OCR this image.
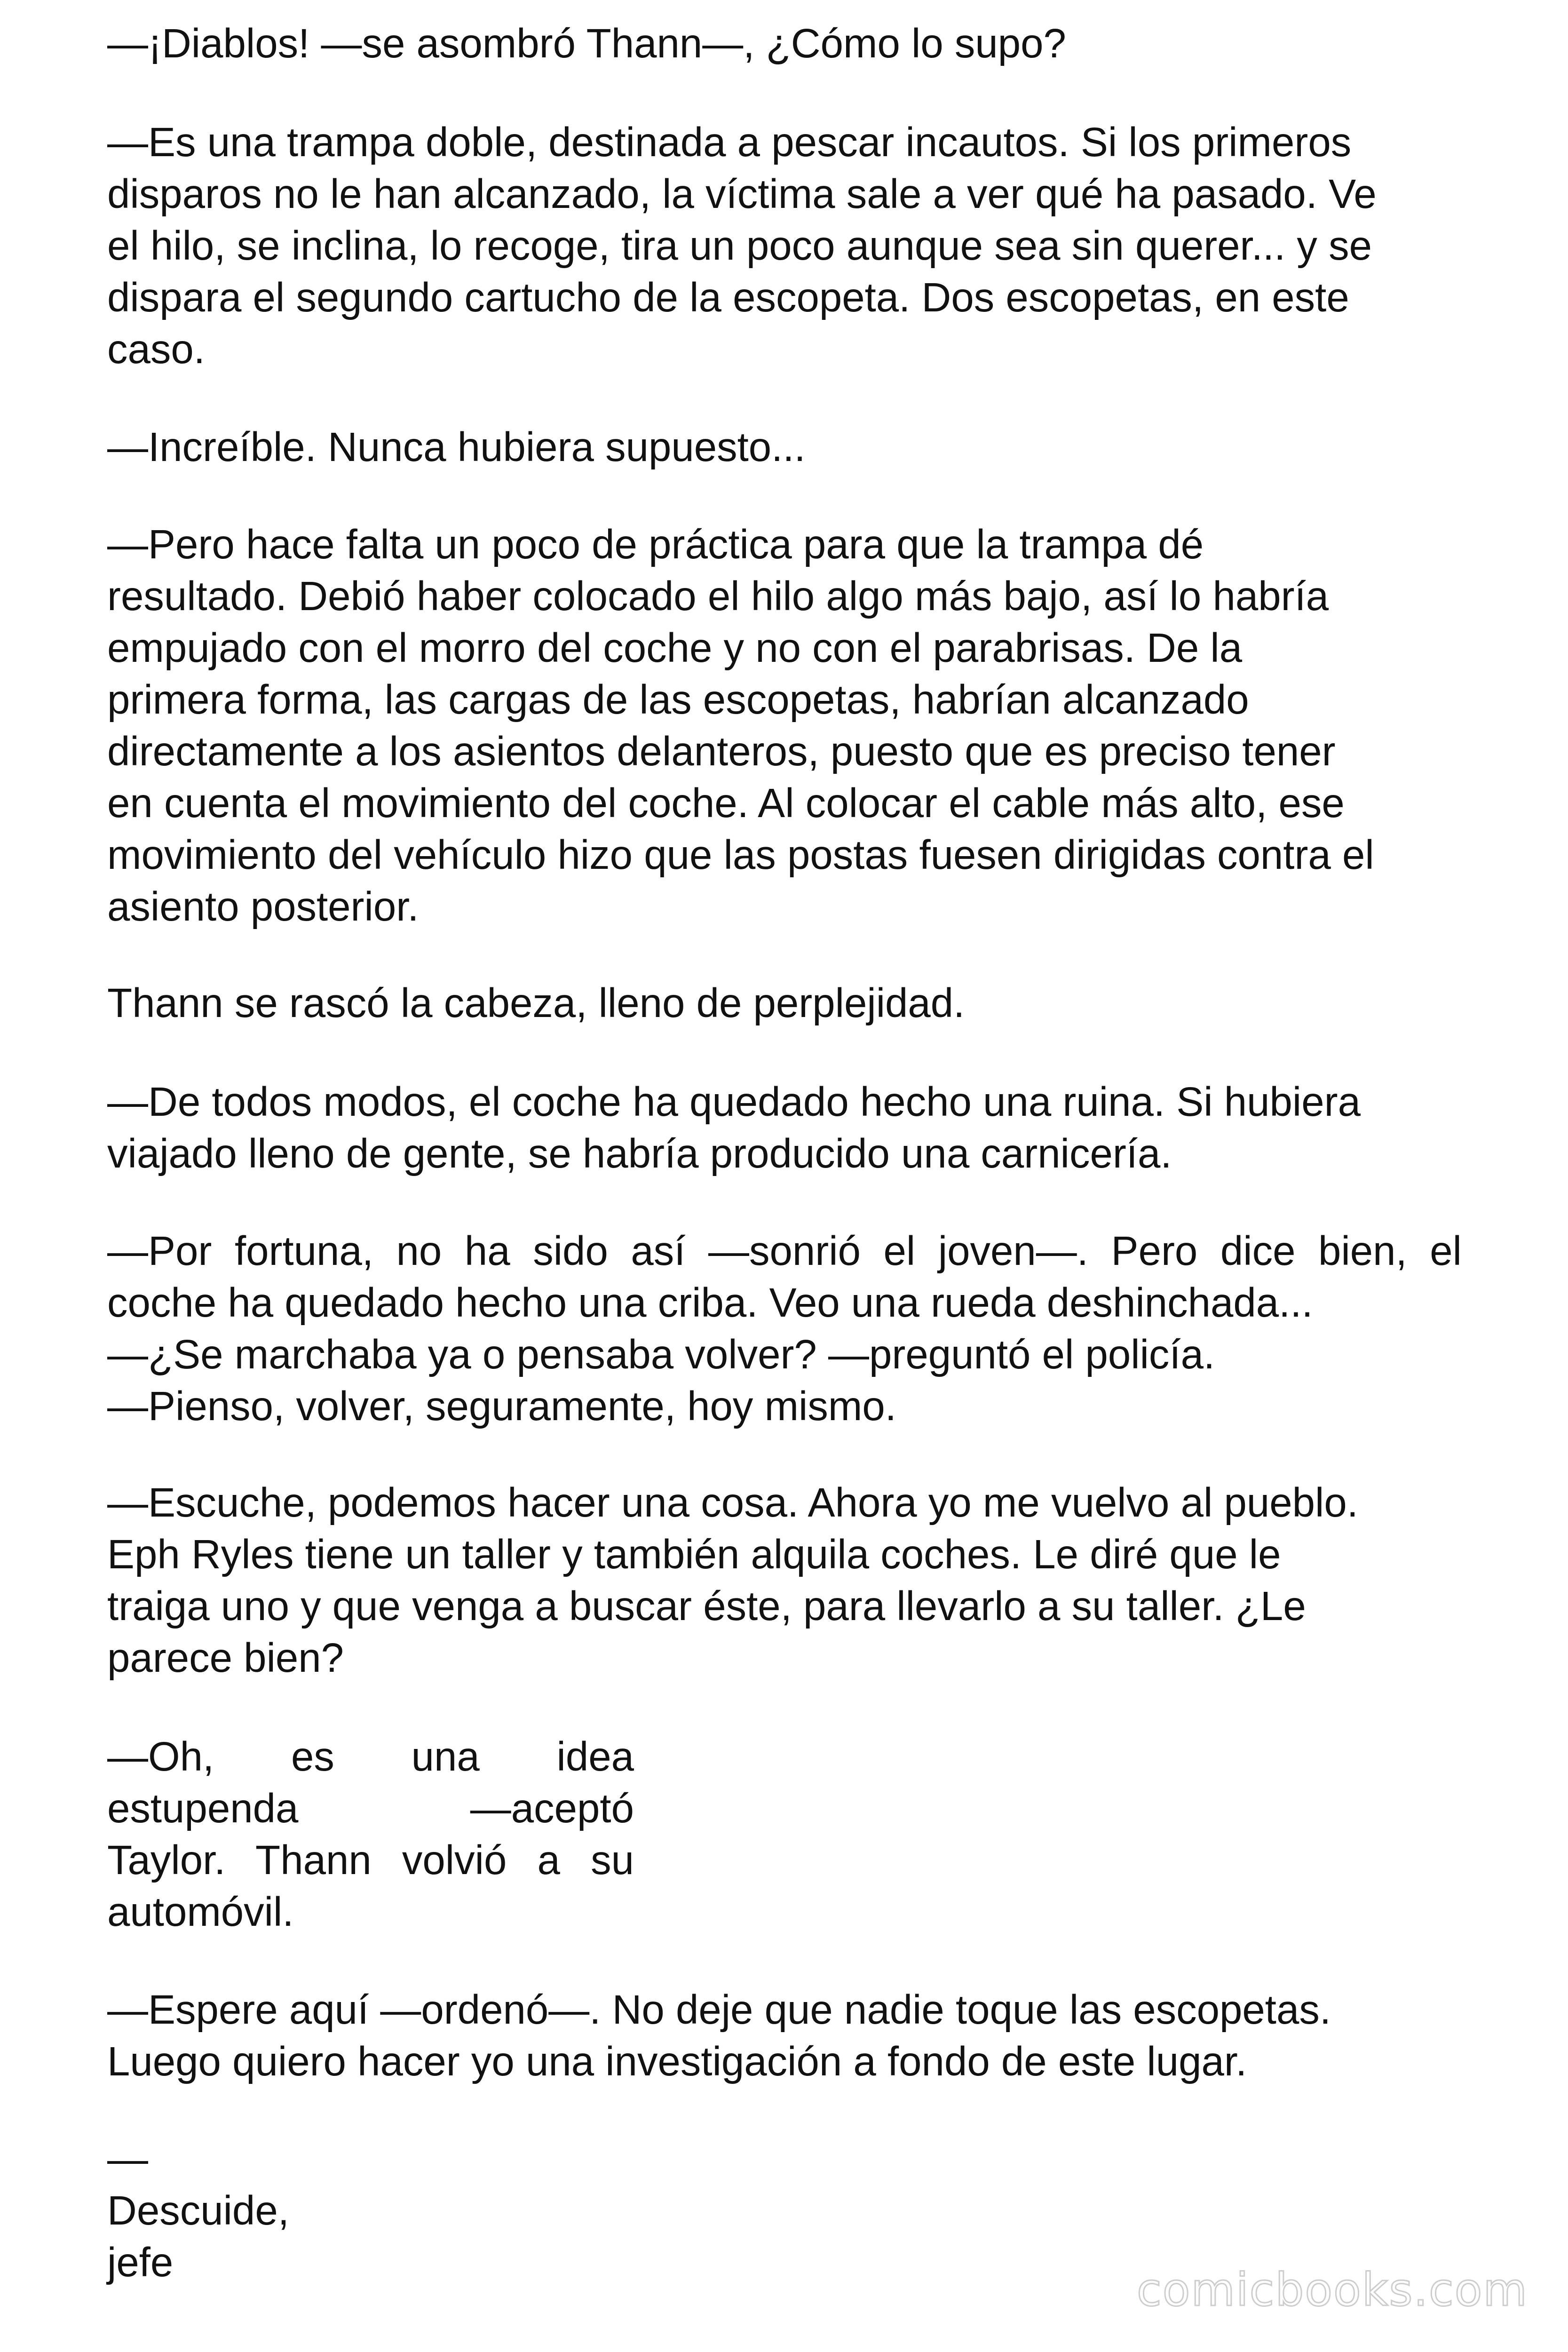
—¡Diablos! —se asombró Thann—, ¿Cómo lo supo?

—Es una trampa doble, destinada a pescar incautos. Si los primeros
disparos no le han alcanzado, la víctima sale a ver qué ha pasado. Ve
el hilo, se inclina, lo recoge, tira un poco aunque sea sin querer... y se
dispara el segundo cartucho de la escopeta. Dos escopetas, en este
caso.

—Increíble. Nunca hubiera supuesto...

—Pero hace falta un poco de práctica para que la trampa dé
resultado. Debió haber colocado el hilo algo más bajo, así lo habría
empujado con el morro del coche y no con el parabrisas. De la
primera forma, las cargas de las escopetas, habrían alcanzado
directamente a los asientos delanteros, puesto que es preciso tener
en cuenta el movimiento del coche. Al colocar el cable más alto, ese
movimiento del vehículo hizo que las postas fuesen dirigidas contra el
asiento posterior.

Thann se rascó la cabeza, lleno de perplejidad.

—De todos modos, el coche ha quedado hecho una ruina. Si hubiera
viajado lleno de gente, se habría producido una carnicería.

—Por fortuna, no ha sido así —sonrió el joven—. Pero dice bien, el
coche ha quedado hecho una criba. Veo una rueda deshinchada...
—¿Se marchaba ya o pensaba volver? —preguntó el policía.
—Pienso, volver, seguramente, hoy mismo.

—Escuche, podemos hacer una cosa. Ahora yo me vuelvo al pueblo.
Eph Ryles tiene un taller y también alquila coches. Le diré que le
traiga uno y que venga a buscar éste, para llevarlo a su taller. ¿Le
parece bien?

—Oh, es una idea
estupenda —aceptó
Taylor. Thann volvió a su
automóvil.

—Espere aquí —ordenó—. No deje que nadie toque las escopetas.
Luego quiero hacer yo una investigación a fondo de este lugar.

—
Descuide,
jefe

comicbooks.com
